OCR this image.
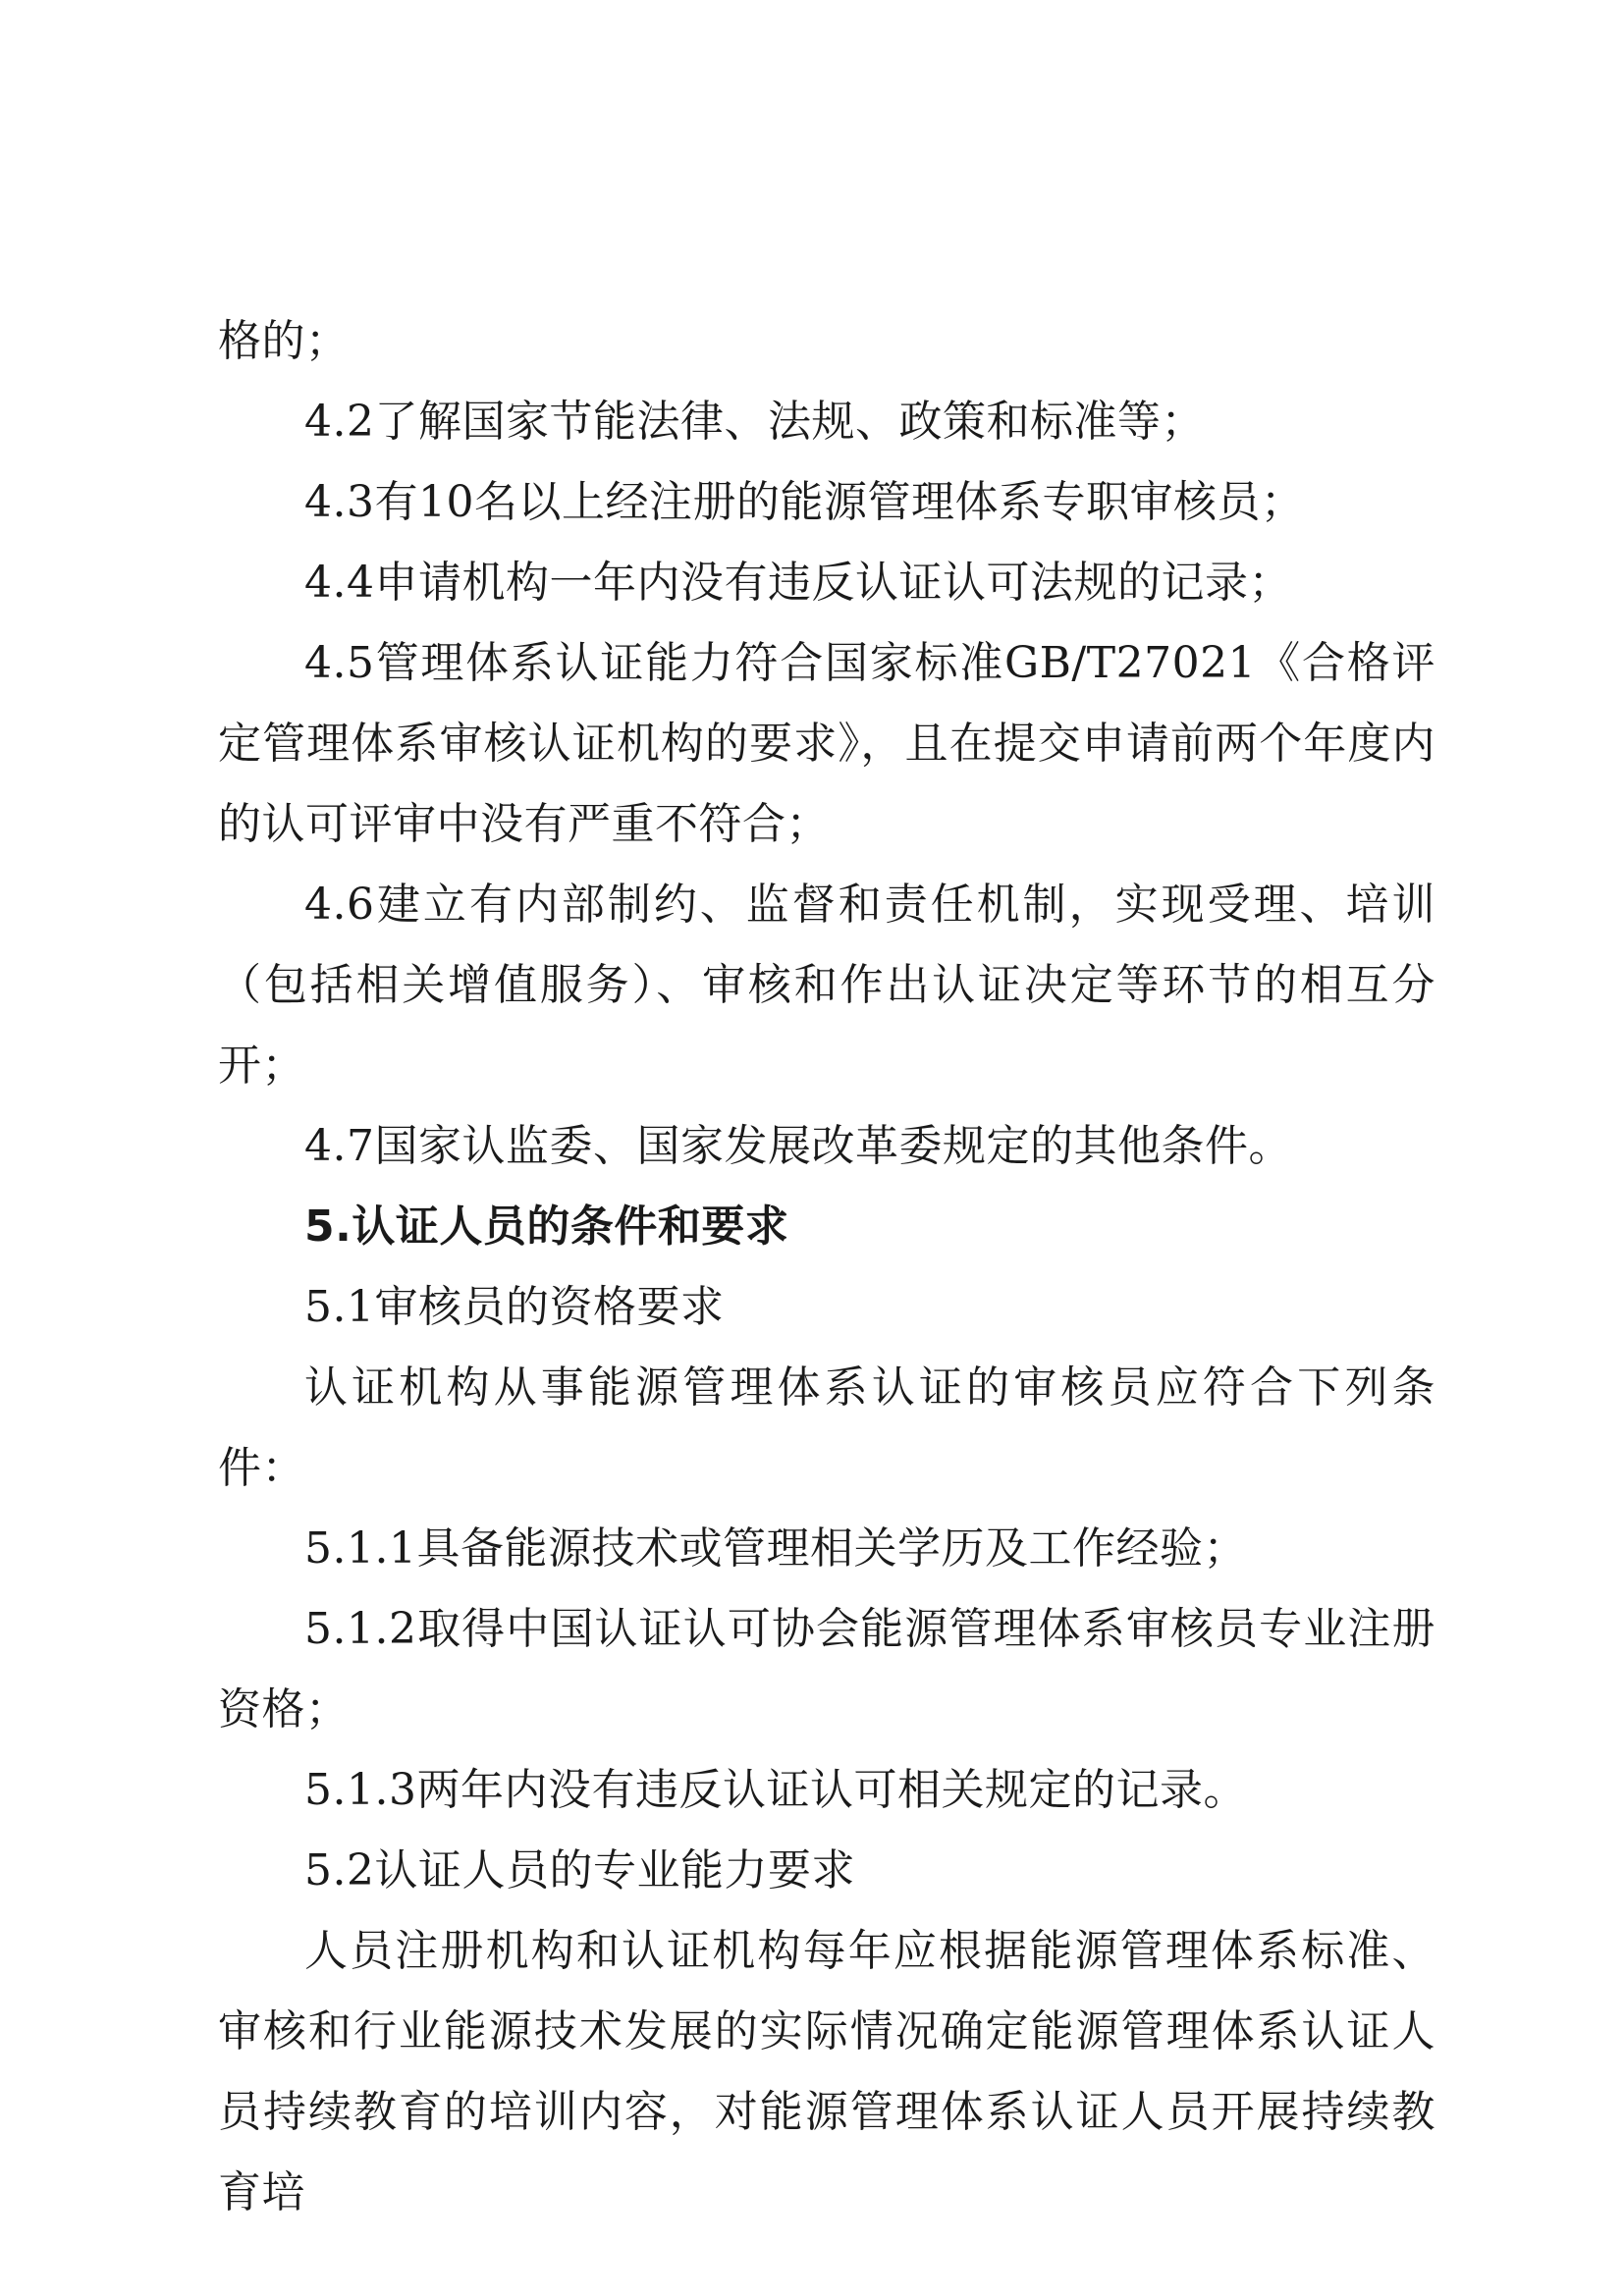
格的；

4.2了解国家节能法律、法规、政策和标准等；

4.3有10名以上经注册的能源管理体系专职审核员；

4.4申请机构一年内没有违反认证认可法规的记录；

4.5管理体系认证能力符合国家标准GB/T27021《合格评定管理体系审核认证机构的要求》，且在提交申请前两个年度内的认可评审中没有严重不符合；

4.6建立有内部制约、监督和责任机制，实现受理、培训（包括相关增值服务）、审核和作出认证决定等环节的相互分开；

4.7国家认监委、国家发展改革委规定的其他条件。

5.认证人员的条件和要求

5.1审核员的资格要求

认证机构从事能源管理体系认证的审核员应符合下列条件：

5.1.1具备能源技术或管理相关学历及工作经验；

5.1.2取得中国认证认可协会能源管理体系审核员专业注册资格；

5.1.3两年内没有违反认证认可相关规定的记录。

5.2认证人员的专业能力要求

人员注册机构和认证机构每年应根据能源管理体系标准、审核和行业能源技术发展的实际情况确定能源管理体系认证人员持续教育的培训内容，对能源管理体系认证人员开展持续教育培
